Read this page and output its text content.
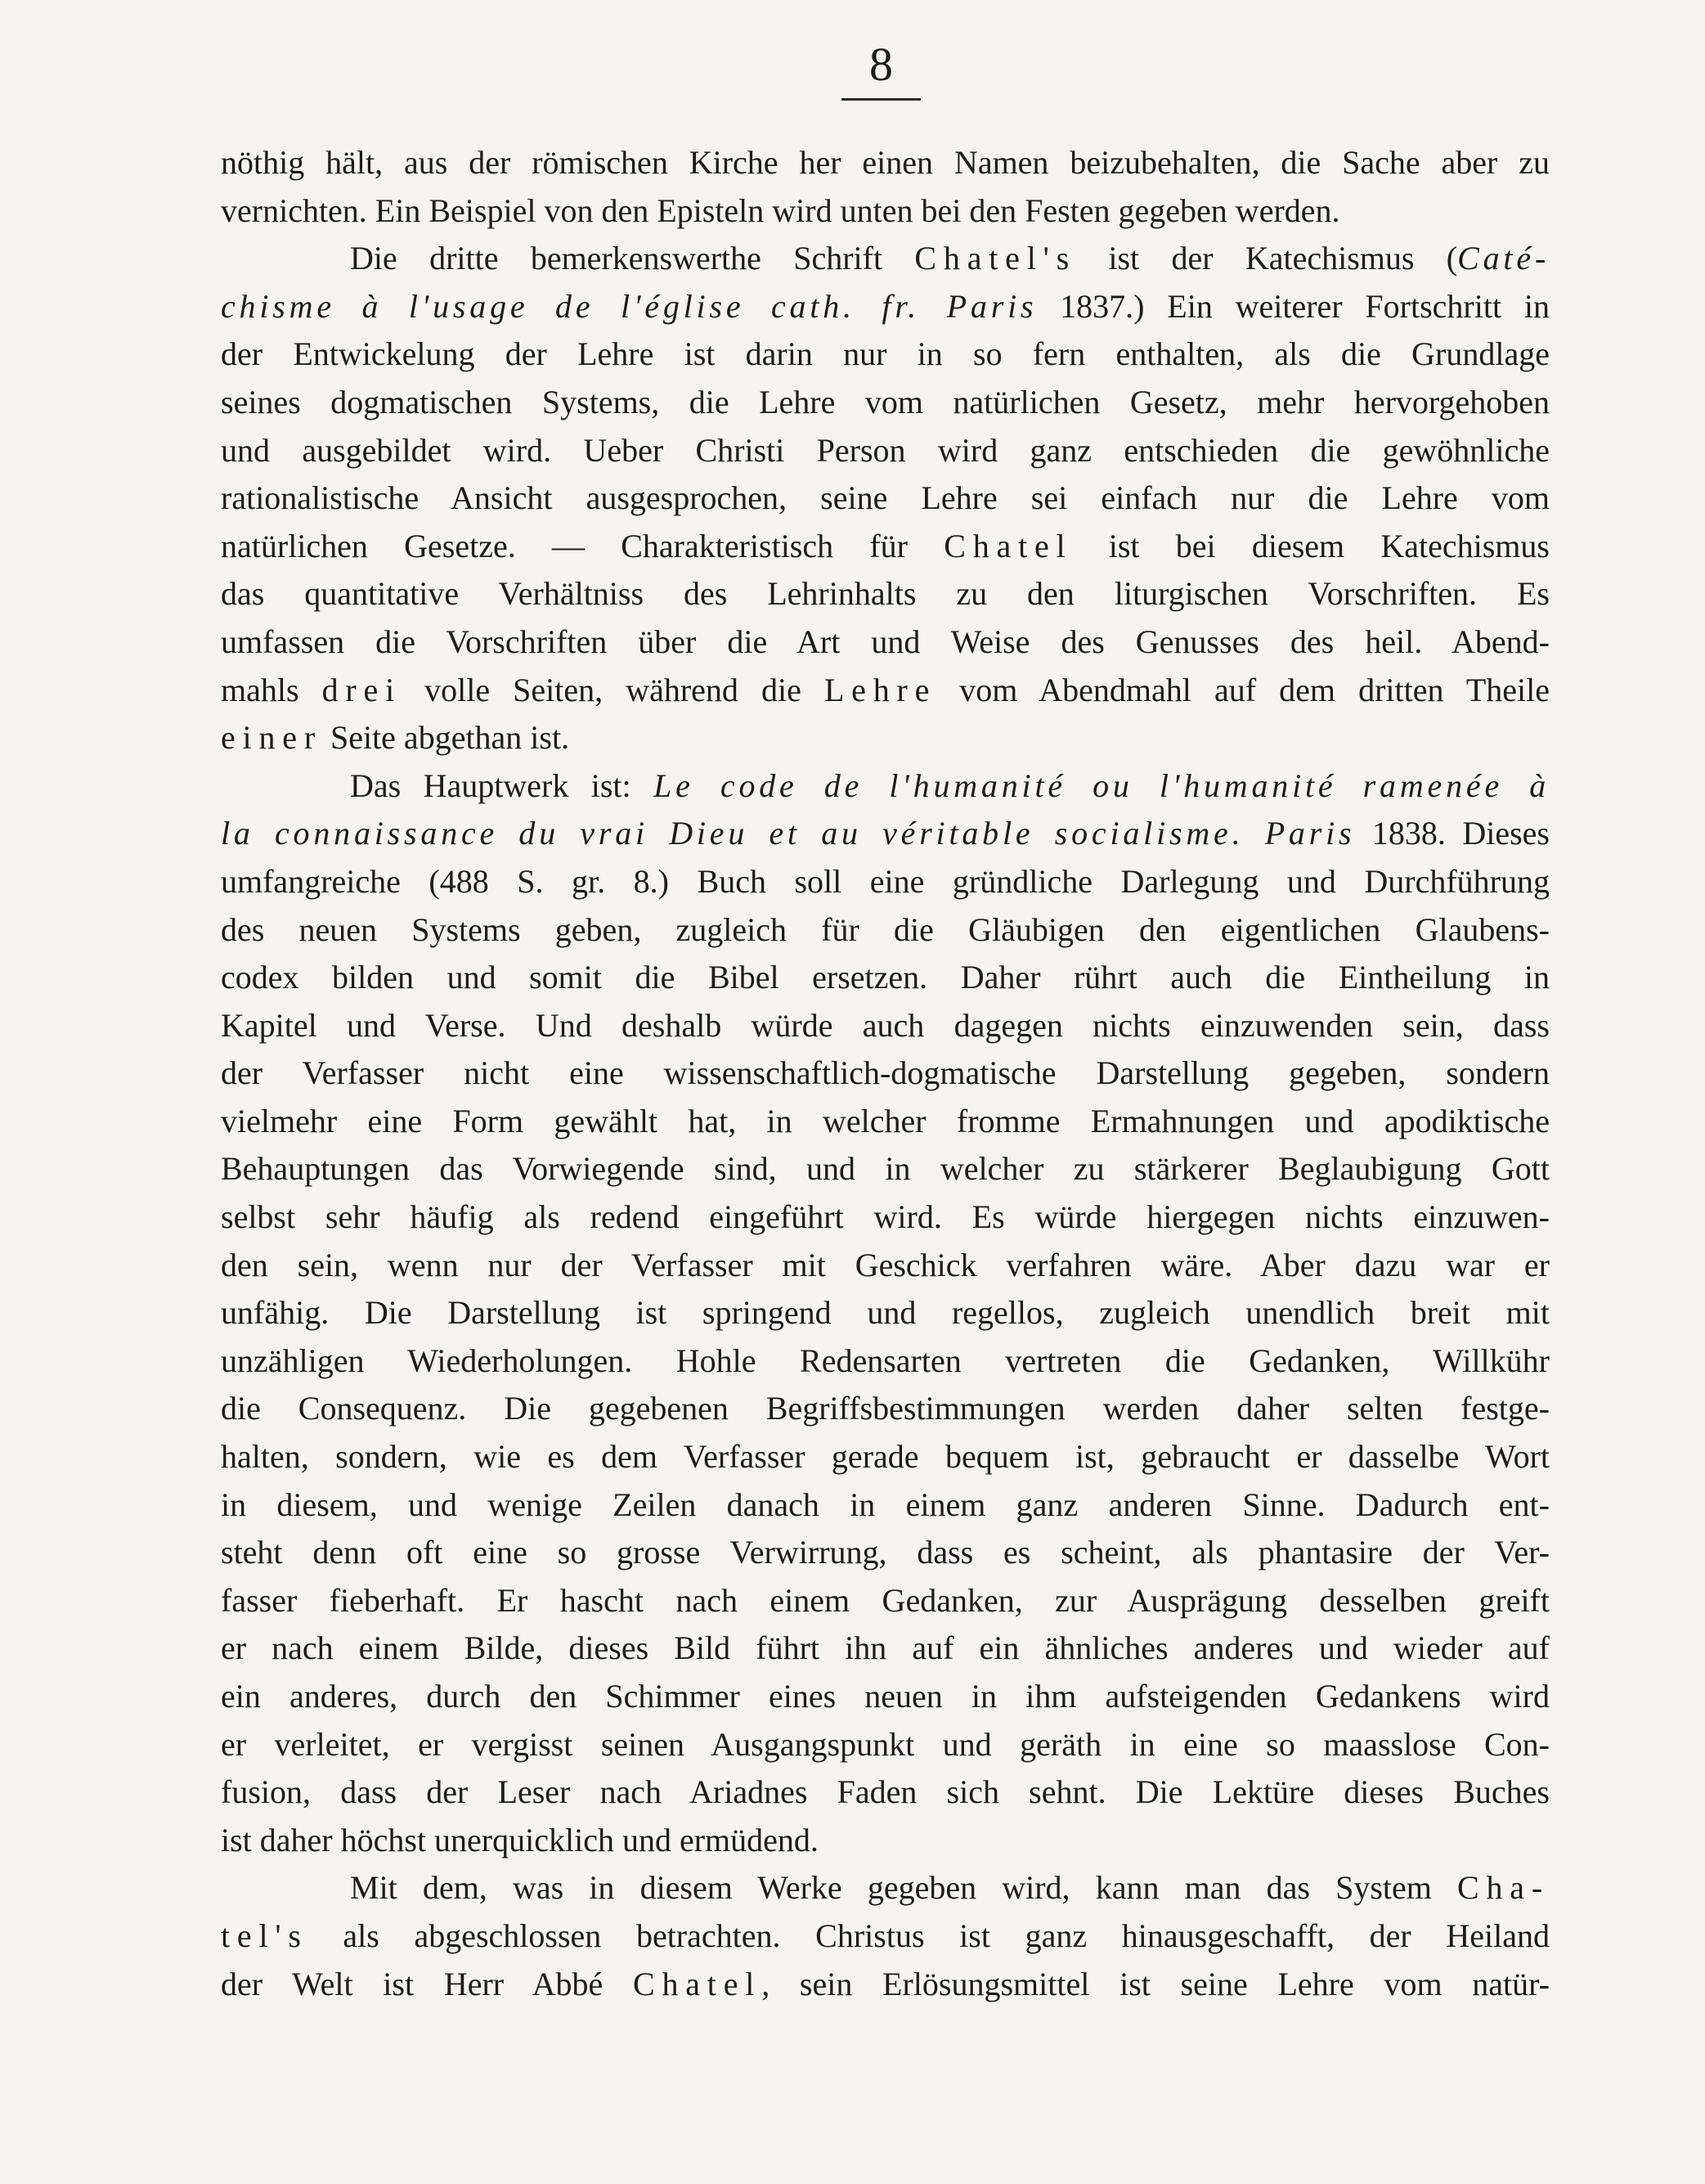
8
nöthig hält, aus der römischen Kirche her einen Namen beizubehalten, die Sache aber zu
vernichten. Ein Beispiel von den Episteln wird unten bei den Festen gegeben werden.
Die dritte bemerkenswerthe Schrift Chatel's ist der Katechismus (Caté-
chisme à l'usage de l'église cath. fr. Paris 1837.) Ein weiterer Fortschritt in
der Entwickelung der Lehre ist darin nur in so fern enthalten, als die Grundlage
seines dogmatischen Systems, die Lehre vom natürlichen Gesetz, mehr hervorgehoben
und ausgebildet wird. Ueber Christi Person wird ganz entschieden die gewöhnliche
rationalistische Ansicht ausgesprochen, seine Lehre sei einfach nur die Lehre vom
natürlichen Gesetze. — Charakteristisch für Chatel ist bei diesem Katechismus
das quantitative Verhältniss des Lehrinhalts zu den liturgischen Vorschriften. Es
umfassen die Vorschriften über die Art und Weise des Genusses des heil. Abend-
mahls drei volle Seiten, während die Lehre vom Abendmahl auf dem dritten Theile
einer Seite abgethan ist.
Das Hauptwerk ist: Le code de l'humanité ou l'humanité ramenée à
la connaissance du vrai Dieu et au véritable socialisme. Paris 1838. Dieses
umfangreiche (488 S. gr. 8.) Buch soll eine gründliche Darlegung und Durchführung
des neuen Systems geben, zugleich für die Gläubigen den eigentlichen Glaubens-
codex bilden und somit die Bibel ersetzen. Daher rührt auch die Eintheilung in
Kapitel und Verse. Und deshalb würde auch dagegen nichts einzuwenden sein, dass
der Verfasser nicht eine wissenschaftlich-dogmatische Darstellung gegeben, sondern
vielmehr eine Form gewählt hat, in welcher fromme Ermahnungen und apodiktische
Behauptungen das Vorwiegende sind, und in welcher zu stärkerer Beglaubigung Gott
selbst sehr häufig als redend eingeführt wird. Es würde hiergegen nichts einzuwen-
den sein, wenn nur der Verfasser mit Geschick verfahren wäre. Aber dazu war er
unfähig. Die Darstellung ist springend und regellos, zugleich unendlich breit mit
unzähligen Wiederholungen. Hohle Redensarten vertreten die Gedanken, Willkühr
die Consequenz. Die gegebenen Begriffsbestimmungen werden daher selten festge-
halten, sondern, wie es dem Verfasser gerade bequem ist, gebraucht er dasselbe Wort
in diesem, und wenige Zeilen danach in einem ganz anderen Sinne. Dadurch ent-
steht denn oft eine so grosse Verwirrung, dass es scheint, als phantasire der Ver-
fasser fieberhaft. Er hascht nach einem Gedanken, zur Ausprägung desselben greift
er nach einem Bilde, dieses Bild führt ihn auf ein ähnliches anderes und wieder auf
ein anderes, durch den Schimmer eines neuen in ihm aufsteigenden Gedankens wird
er verleitet, er vergisst seinen Ausgangspunkt und geräth in eine so maasslose Con-
fusion, dass der Leser nach Ariadnes Faden sich sehnt. Die Lektüre dieses Buches
ist daher höchst unerquicklich und ermüdend.
Mit dem, was in diesem Werke gegeben wird, kann man das System Cha-
tel's als abgeschlossen betrachten. Christus ist ganz hinausgeschafft, der Heiland
der Welt ist Herr Abbé Chatel, sein Erlösungsmittel ist seine Lehre vom natür-
